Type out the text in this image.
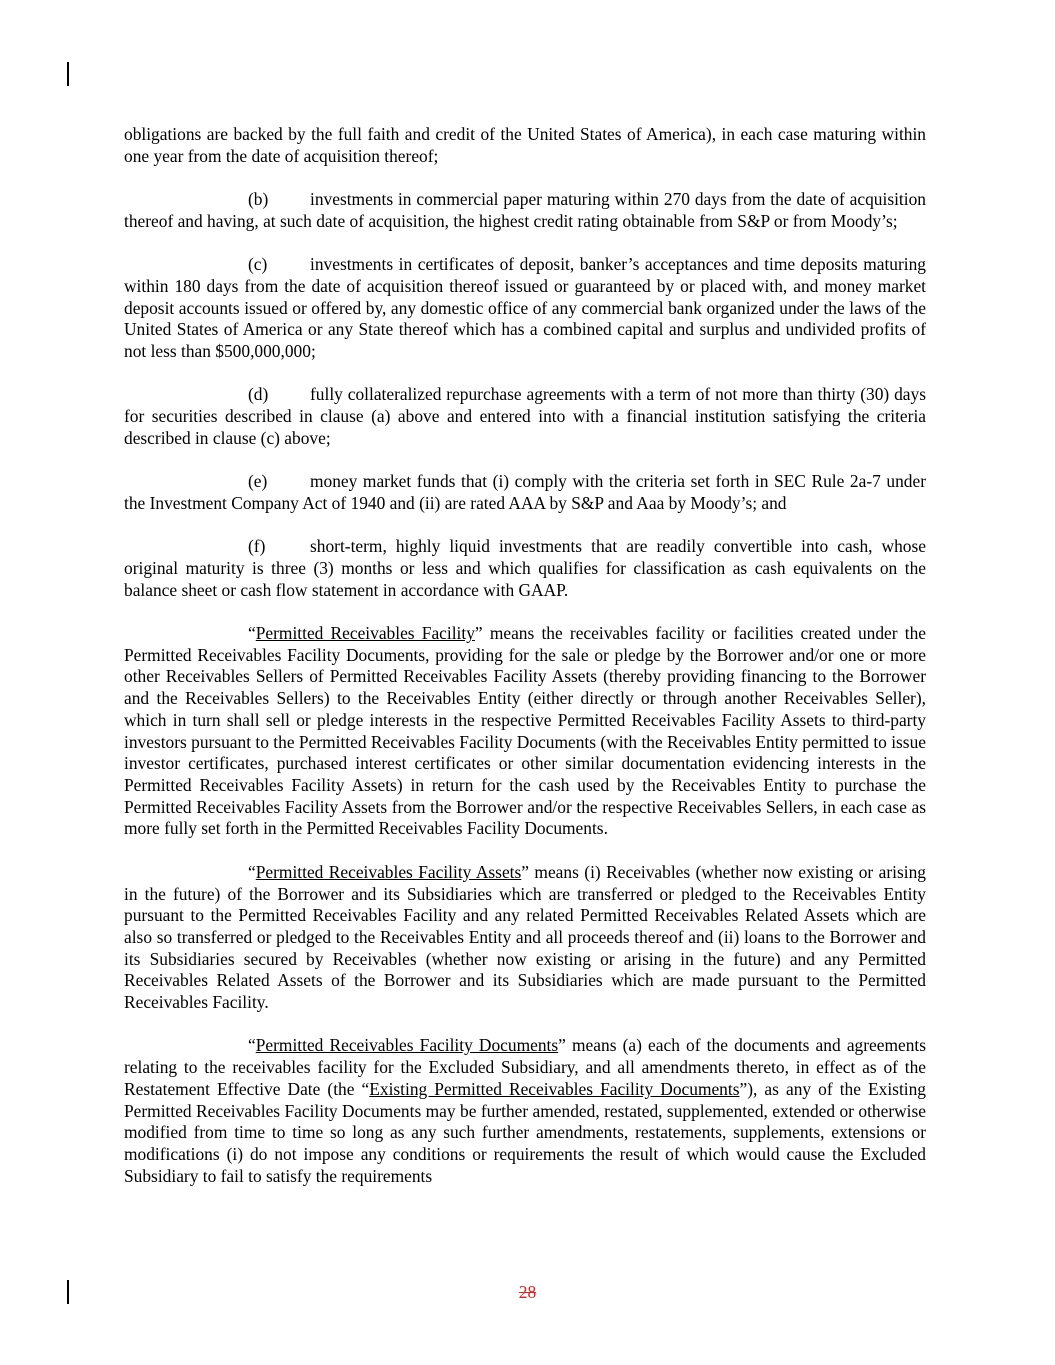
obligations are backed by the full faith and credit of the United States of America), in each case maturing within one year from the date of acquisition thereof;

(b) investments in commercial paper maturing within 270 days from the date of acquisition thereof and having, at such date of acquisition, the highest credit rating obtainable from S&P or from Moody’s;

(c) investments in certificates of deposit, banker’s acceptances and time deposits maturing within 180 days from the date of acquisition thereof issued or guaranteed by or placed with, and money market deposit accounts issued or offered by, any domestic office of any commercial bank organized under the laws of the United States of America or any State thereof which has a combined capital and surplus and undivided profits of not less than $500,000,000;

(d) fully collateralized repurchase agreements with a term of not more than thirty (30) days for securities described in clause (a) above and entered into with a financial institution satisfying the criteria described in clause (c) above;

(e) money market funds that (i) comply with the criteria set forth in SEC Rule 2a-7 under the Investment Company Act of 1940 and (ii) are rated AAA by S&P and Aaa by Moody’s; and

(f)	short-term, highly liquid investments that are readily convertible into cash, whose original maturity is three (3) months or less and which qualifies for classification as cash equivalents on the balance sheet or cash flow statement in accordance with GAAP.

“Permitted Receivables Facility” means the receivables facility or facilities created under the Permitted Receivables Facility Documents, providing for the sale or pledge by the Borrower and/or one or more other Receivables Sellers of Permitted Receivables Facility Assets (thereby providing financing to the Borrower and the Receivables Sellers) to the Receivables Entity (either directly or through another Receivables Seller), which in turn shall sell or pledge interests in the respective Permitted Receivables Facility Assets to third-party investors pursuant to the Permitted Receivables Facility Documents (with the Receivables Entity permitted to issue investor certificates, purchased interest certificates or other similar documentation evidencing interests in the Permitted Receivables Facility Assets) in return for the cash used by the Receivables Entity to purchase the Permitted Receivables Facility Assets from the Borrower and/or the respective Receivables Sellers, in each case as more fully set forth in the Permitted Receivables Facility Documents.

“Permitted Receivables Facility Assets” means (i) Receivables (whether now existing or arising in the future) of the Borrower and its Subsidiaries which are transferred or pledged to the Receivables Entity pursuant to the Permitted Receivables Facility and any related Permitted Receivables Related Assets which are also so transferred or pledged to the Receivables Entity and all proceeds thereof and (ii) loans to the Borrower and its Subsidiaries secured by Receivables (whether now existing or arising in the future) and any Permitted Receivables Related Assets of the Borrower and its Subsidiaries which are made pursuant to the Permitted Receivables Facility.

“Permitted Receivables Facility Documents” means (a) each of the documents and agreements relating to the receivables facility for the Excluded Subsidiary, and all amendments thereto, in effect as of the Restatement Effective Date (the “Existing Permitted Receivables Facility Documents”), as any of the Existing Permitted Receivables Facility Documents may be further amended, restated, supplemented, extended or otherwise modified from time to time so long as any such further amendments, restatements, supplements, extensions or modifications (i) do not impose any conditions or requirements the result of which would cause the Excluded Subsidiary to fail to satisfy the requirements

28
